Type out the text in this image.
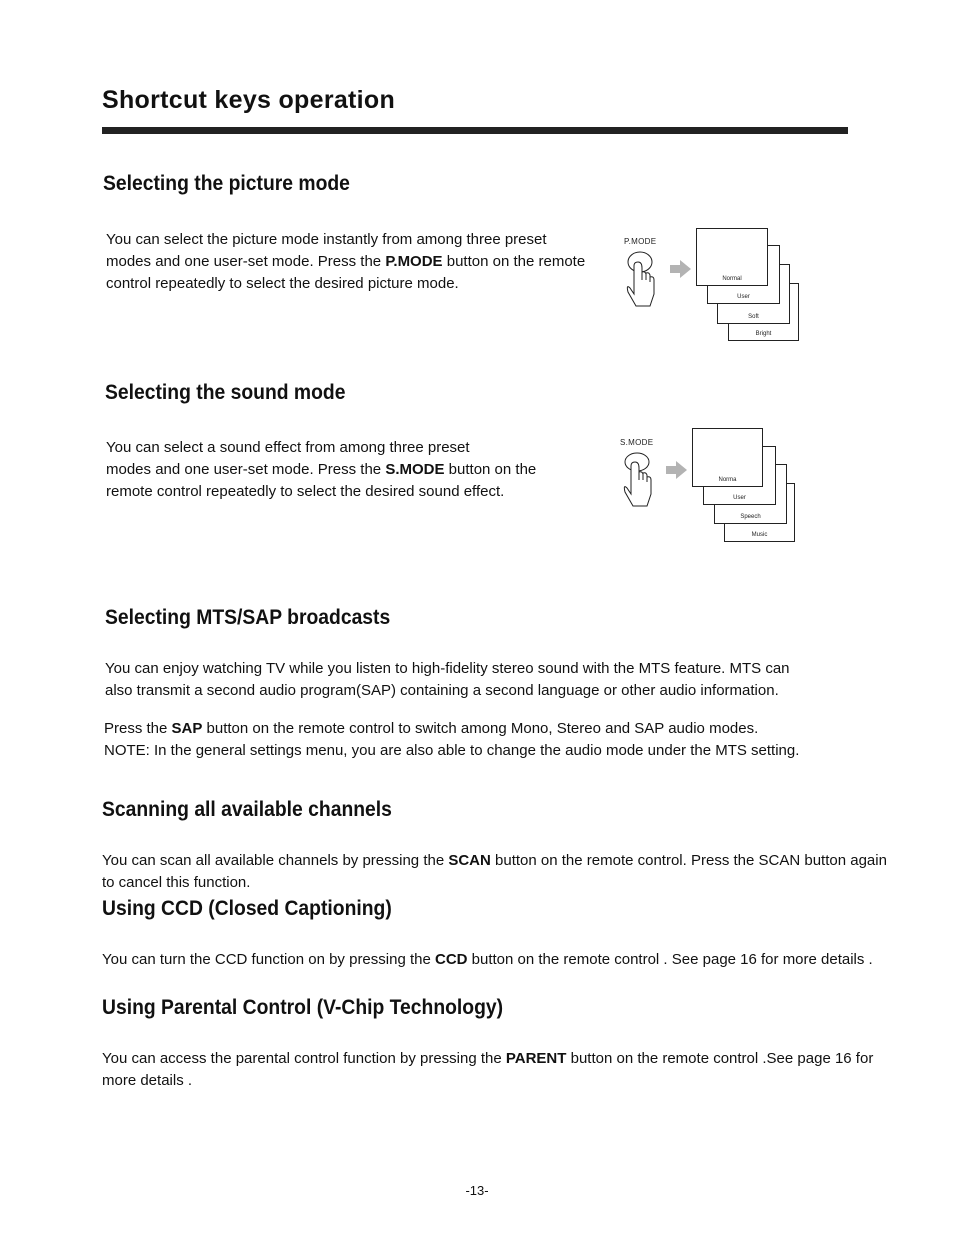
Shortcut keys operation
Selecting the picture mode
You can select the picture mode instantly from among three preset
modes and one user-set mode. Press the P.MODE button on the remote
control repeatedly to select the desired picture mode.
P.MODE
Bright
Soft
User
Normal
Selecting the sound mode
You can select a sound effect from among three preset
modes and one user-set mode. Press the S.MODE button on the
remote control repeatedly to select the desired sound effect.
S.MODE
Music
Speech
User
Norma
Selecting MTS/SAP broadcasts
You can enjoy watching TV while you listen to high-fidelity stereo sound with the MTS feature. MTS can
also transmit a second audio program(SAP) containing a second language or other audio information.
Press the SAP button on the remote control to switch among Mono, Stereo and SAP audio modes.
NOTE: In the general settings menu, you are also able to change the audio mode under the MTS setting.
Scanning all available channels
You can scan all available channels by pressing the SCAN button on the remote control. Press the SCAN button again
to cancel this function.
Using CCD (Closed Captioning)
You can turn the CCD function on by pressing the CCD button on the remote control . See page 16 for more details .
Using Parental Control (V-Chip Technology)
You can access the parental control function by pressing the PARENT button on the remote control .See page 16 for
more details .
-13-
